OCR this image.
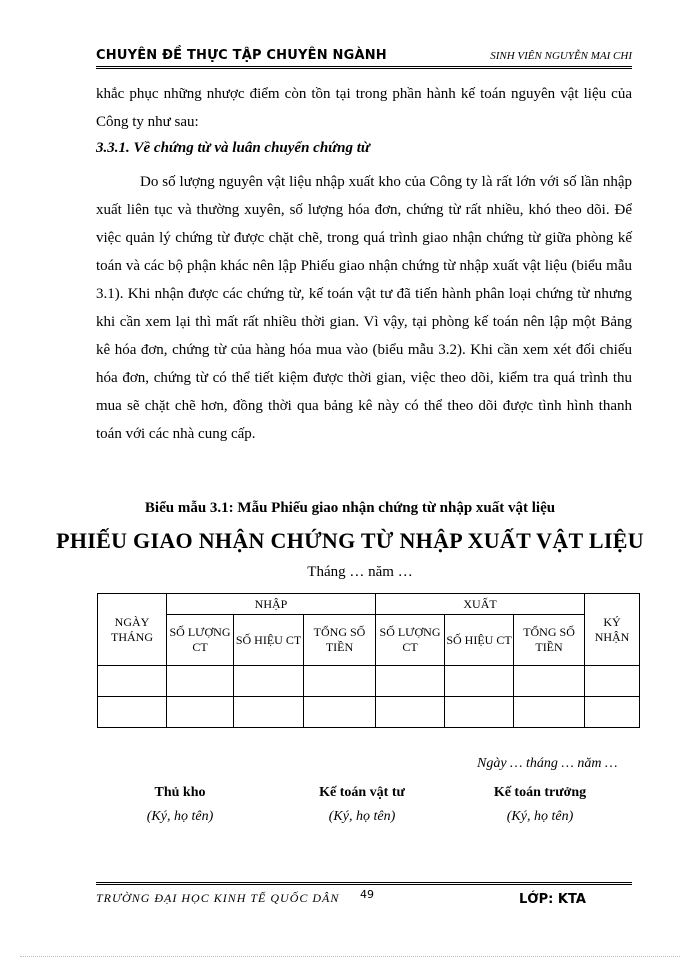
CHUYÊN ĐỀ THỰC TẬP CHUYÊN NGÀNH	SINH VIÊN NGUYỄN MAI CHI

khắc phục những nhược điểm còn tồn tại trong phần hành kế toán nguyên vật liệu của Công ty như sau:

3.3.1. Về chứng từ và luân chuyển chứng từ

Do số lượng nguyên vật liệu nhập xuất kho của Công ty là rất lớn với số lần nhập xuất liên tục và thường xuyên, số lượng hóa đơn, chứng từ rất nhiều, khó theo dõi. Để việc quản lý chứng từ được chặt chẽ, trong quá trình giao nhận chứng từ giữa phòng kế toán và các bộ phận khác nên lập Phiếu giao nhận chứng từ nhập xuất vật liệu (biểu mẫu 3.1). Khi nhận được các chứng từ, kế toán vật tư đã tiến hành phân loại chứng từ nhưng khi cần xem lại thì mất rất nhiều thời gian. Vì vậy, tại phòng kế toán nên lập một Bảng kê hóa đơn, chứng từ của hàng hóa mua vào (biểu mẫu 3.2). Khi cần xem xét đối chiếu hóa đơn, chứng từ có thể tiết kiệm được thời gian, việc theo dõi, kiểm tra quá trình thu mua sẽ chặt chẽ hơn, đồng thời qua bảng kê này có thể theo dõi được tình hình thanh toán với các nhà cung cấp.

Biểu mẫu 3.1: Mẫu Phiếu giao nhận chứng từ nhập xuất vật liệu
PHIẾU GIAO NHẬN CHỨNG TỪ NHẬP XUẤT VẬT LIỆU
Tháng … năm …
NGÀY THÁNG	NHẬP			XUẤT			KÝ NHẬN
	SỐ LƯỢNG CT	SỐ HIỆU CT	TỔNG SỐ TIỀN	SỐ LƯỢNG CT	SỐ HIỆU CT	TỔNG SỐ TIỀN	

Ngày … tháng … năm …
Thủ kho
(Ký, họ tên)
Kế toán vật tư
(Ký, họ tên)
Kế toán trưởng
(Ký, họ tên)
TRƯỜNG ĐẠI HỌC KINH TẾ QUỐC DÂN 49	LỚP: KTA
